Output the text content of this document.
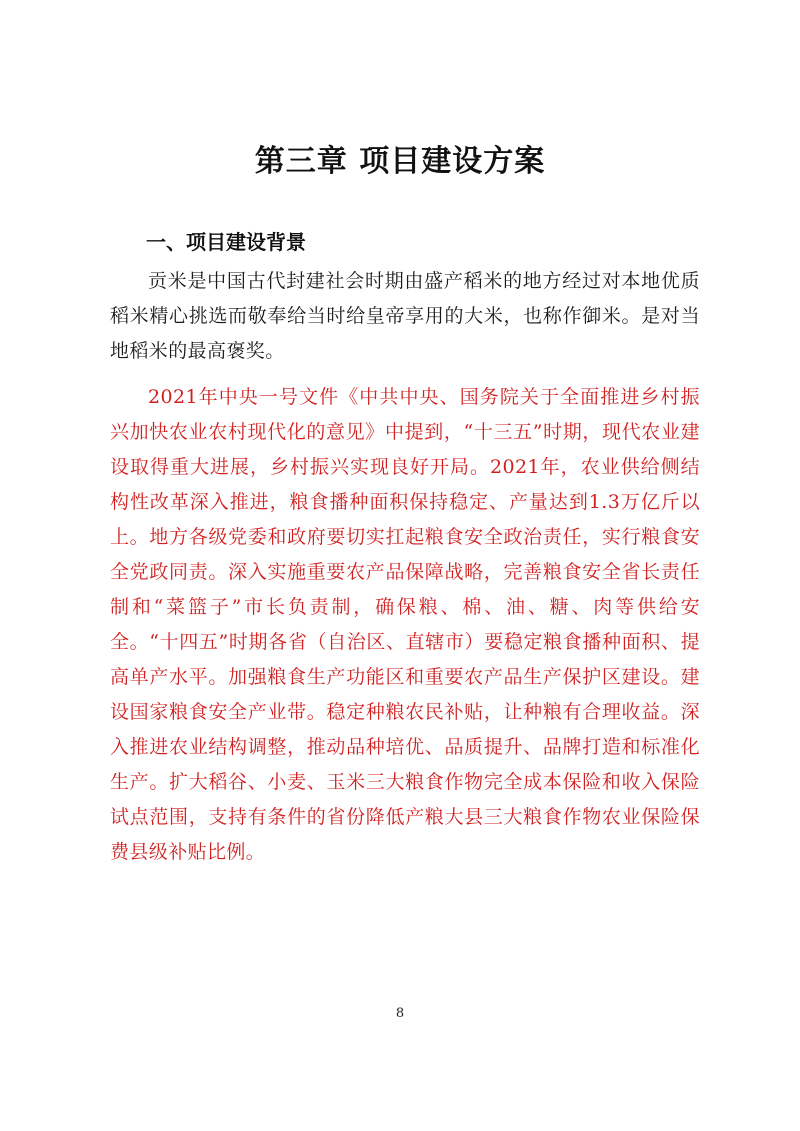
第三章 项目建设方案
一、项目建设背景

贡米是中国古代封建社会时期由盛产稻米的地方经过对本地优质稻米精心挑选而敬奉给当时给皇帝享用的大米，也称作御米。是对当地稻米的最高褒奖。

2021年中央一号文件《中共中央、国务院关于全面推进乡村振兴加快农业农村现代化的意见》中提到，“十三五”时期，现代农业建设取得重大进展，乡村振兴实现良好开局。2021年，农业供给侧结构性改革深入推进，粮食播种面积保持稳定、产量达到1.3万亿斤以上。地方各级党委和政府要切实扛起粮食安全政治责任，实行粮食安全党政同责。深入实施重要农产品保障战略，完善粮食安全省长责任制和“菜篮子”市长负责制，确保粮、棉、油、糖、肉等供给安全。“十四五”时期各省（自治区、直辖市）要稳定粮食播种面积、提高单产水平。加强粮食生产功能区和重要农产品生产保护区建设。建设国家粮食安全产业带。稳定种粮农民补贴，让种粮有合理收益。深入推进农业结构调整，推动品种培优、品质提升、品牌打造和标准化生产。扩大稻谷、小麦、玉米三大粮食作物完全成本保险和收入保险试点范围，支持有条件的省份降低产粮大县三大粮食作物农业保险保费县级补贴比例。

8
